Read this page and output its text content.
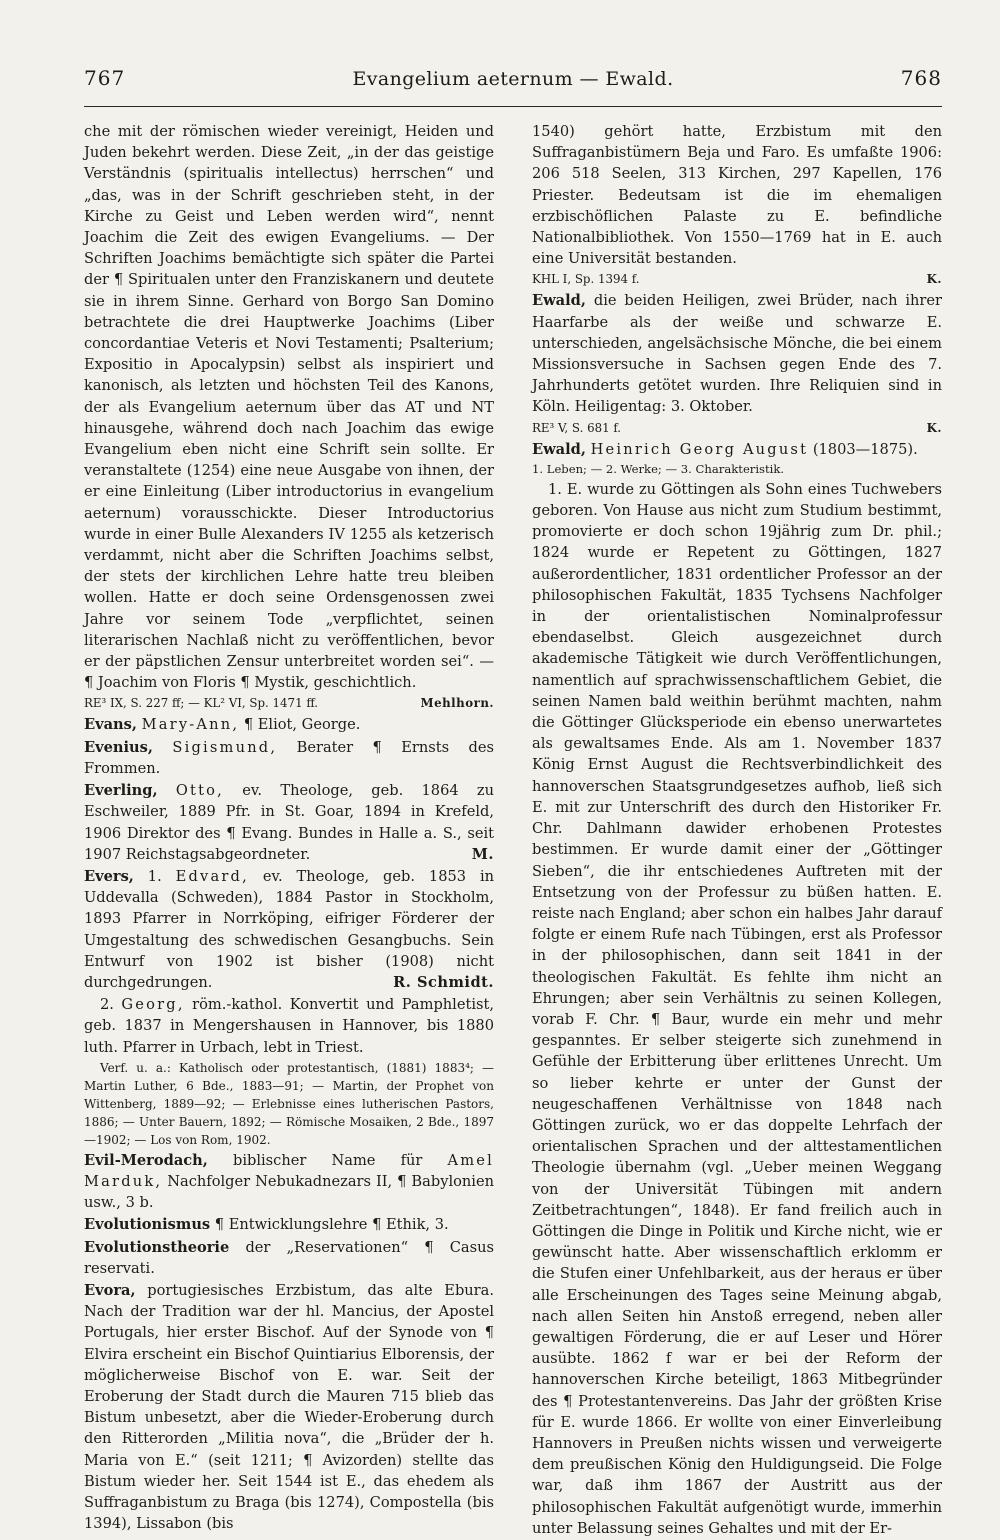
767	Evangelium aeternum — Ewald.	768

che mit der römischen wieder vereinigt, Heiden und Juden bekehrt werden. Diese Zeit, „in der das geistige Verständnis (spiritualis intellectus) herrschen“ und „das, was in der Schrift geschrieben steht, in der Kirche zu Geist und Leben werden wird“, nennt Joachim die Zeit des ewigen Evangeliums. — Der Schriften Joachims bemächtigte sich später die Partei der ¶ Spiritualen unter den Franziskanern und deutete sie in ihrem Sinne. Gerhard von Borgo San Domino betrachtete die drei Hauptwerke Joachims (Liber concordantiae Veteris et Novi Testamenti; Psalterium; Expositio in Apocalypsin) selbst als inspiriert und kanonisch, als letzten und höchsten Teil des Kanons, der als Evangelium aeternum über das AT und NT hinausgehe, während doch nach Joachim das ewige Evangelium eben nicht eine Schrift sein sollte. Er veranstaltete (1254) eine neue Ausgabe von ihnen, der er eine Einleitung (Liber introductorius in evangelium aeternum) vorausschickte. Dieser Introductorius wurde in einer Bulle Alexanders IV 1255 als ketzerisch verdammt, nicht aber die Schriften Joachims selbst, der stets der kirchlichen Lehre hatte treu bleiben wollen. Hatte er doch seine Ordensgenossen zwei Jahre vor seinem Tode „verpflichtet, seinen literarischen Nachlaß nicht zu veröffentlichen, bevor er der päpstlichen Zensur unterbreitet worden sei“. — ¶ Joachim von Floris ¶ Mystik, geschichtlich.

RE³ IX, S. 227 ff; — KL² VI, Sp. 1471 ff.	Mehlhorn.

Evans, Mary-Ann, ¶ Eliot, George.

Evenius, Sigismund, Berater ¶ Ernsts des Frommen.

Everling, Otto, ev. Theologe, geb. 1864 zu Eschweiler, 1889 Pfr. in St. Goar, 1894 in Krefeld, 1906 Direktor des ¶ Evang. Bundes in Halle a. S., seit 1907 Reichstagsabgeordneter.	M.

Evers, 1. Edvard, ev. Theologe, geb. 1853 in Uddevalla (Schweden), 1884 Pastor in Stockholm, 1893 Pfarrer in Norrköping, eifriger Förderer der Umgestaltung des schwedischen Gesangbuchs. Sein Entwurf von 1902 ist bisher (1908) nicht durchgedrungen.	R. Schmidt.

2. Georg, röm.-kathol. Konvertit und Pamphletist, geb. 1837 in Mengershausen in Hannover, bis 1880 luth. Pfarrer in Urbach, lebt in Triest.

Verf. u. a.: Katholisch oder protestantisch, (1881) 1883⁴; — Martin Luther, 6 Bde., 1883—91; — Martin, der Prophet von Wittenberg, 1889—92; — Erlebnisse eines lutherischen Pastors, 1886; — Unter Bauern, 1892; — Römische Mosaiken, 2 Bde., 1897—1902; — Los von Rom, 1902.

Evil-Merodach, biblischer Name für Amel Marduk, Nachfolger Nebukadnezars II, ¶ Babylonien usw., 3 b.

Evolutionismus ¶ Entwicklungslehre ¶ Ethik, 3.

Evolutionstheorie der „Reservationen“ ¶ Casus reservati.

Evora, portugiesisches Erzbistum, das alte Ebura. Nach der Tradition war der hl. Mancius, der Apostel Portugals, hier erster Bischof. Auf der Synode von ¶ Elvira erscheint ein Bischof Quintiarius Elborensis, der möglicherweise Bischof von E. war. Seit der Eroberung der Stadt durch die Mauren 715 blieb das Bistum unbesetzt, aber die Wieder-Eroberung durch den Ritterorden „Militia nova“, die „Brüder der h. Maria von E.“ (seit 1211; ¶ Avizorden) stellte das Bistum wieder her. Seit 1544 ist E., das ehedem als Suffraganbistum zu Braga (bis 1274), Compostella (bis 1394), Lissabon (bis

1540) gehört hatte, Erzbistum mit den Suffraganbistümern Beja und Faro. Es umfaßte 1906: 206 518 Seelen, 313 Kirchen, 297 Kapellen, 176 Priester. Bedeutsam ist die im ehemaligen erzbischöflichen Palaste zu E. befindliche Nationalbibliothek. Von 1550—1769 hat in E. auch eine Universität bestanden.

KHL I, Sp. 1394 f.	K.

Ewald, die beiden Heiligen, zwei Brüder, nach ihrer Haarfarbe als der weiße und schwarze E. unterschieden, angelsächsische Mönche, die bei einem Missionsversuche in Sachsen gegen Ende des 7. Jahrhunderts getötet wurden. Ihre Reliquien sind in Köln. Heiligentag: 3. Oktober.

RE³ V, S. 681 f.	K.

Ewald, Heinrich Georg August (1803—1875).

1. Leben; — 2. Werke; — 3. Charakteristik.

1. E. wurde zu Göttingen als Sohn eines Tuchwebers geboren. Von Hause aus nicht zum Studium bestimmt, promovierte er doch schon 19jährig zum Dr. phil.; 1824 wurde er Repetent zu Göttingen, 1827 außerordentlicher, 1831 ordentlicher Professor an der philosophischen Fakultät, 1835 Tychsens Nachfolger in der orientalistischen Nominalprofessur ebendaselbst. Gleich ausgezeichnet durch akademische Tätigkeit wie durch Veröffentlichungen, namentlich auf sprachwissenschaftlichem Gebiet, die seinen Namen bald weithin berühmt machten, nahm die Göttinger Glücksperiode ein ebenso unerwartetes als gewaltsames Ende. Als am 1. November 1837 König Ernst August die Rechtsverbindlichkeit des hannoverschen Staatsgrundgesetzes aufhob, ließ sich E. mit zur Unterschrift des durch den Historiker Fr. Chr. Dahlmann dawider erhobenen Protestes bestimmen. Er wurde damit einer der „Göttinger Sieben“, die ihr entschiedenes Auftreten mit der Entsetzung von der Professur zu büßen hatten. E. reiste nach England; aber schon ein halbes Jahr darauf folgte er einem Rufe nach Tübingen, erst als Professor in der philosophischen, dann seit 1841 in der theologischen Fakultät. Es fehlte ihm nicht an Ehrungen; aber sein Verhältnis zu seinen Kollegen, vorab F. Chr. ¶ Baur, wurde ein mehr und mehr gespanntes. Er selber steigerte sich zunehmend in Gefühle der Erbitterung über erlittenes Unrecht. Um so lieber kehrte er unter der Gunst der neugeschaffenen Verhältnisse von 1848 nach Göttingen zurück, wo er das doppelte Lehrfach der orientalischen Sprachen und der alttestamentlichen Theologie übernahm (vgl. „Ueber meinen Weggang von der Universität Tübingen mit andern Zeitbetrachtungen“, 1848). Er fand freilich auch in Göttingen die Dinge in Politik und Kirche nicht, wie er gewünscht hatte. Aber wissenschaftlich erklomm er die Stufen einer Unfehlbarkeit, aus der heraus er über alle Erscheinungen des Tages seine Meinung abgab, nach allen Seiten hin Anstoß erregend, neben aller gewaltigen Förderung, die er auf Leser und Hörer ausübte. 1862 f war er bei der Reform der hannoverschen Kirche beteiligt, 1863 Mitbegründer des ¶ Protestantenvereins. Das Jahr der größten Krise für E. wurde 1866. Er wollte von einer Einverleibung Hannovers in Preußen nichts wissen und verweigerte dem preußischen König den Huldigungseid. Die Folge war, daß ihm 1867 der Austritt aus der philosophischen Fakultät aufgenötigt wurde, immerhin unter Belassung seines Gehaltes und mit der Er-
